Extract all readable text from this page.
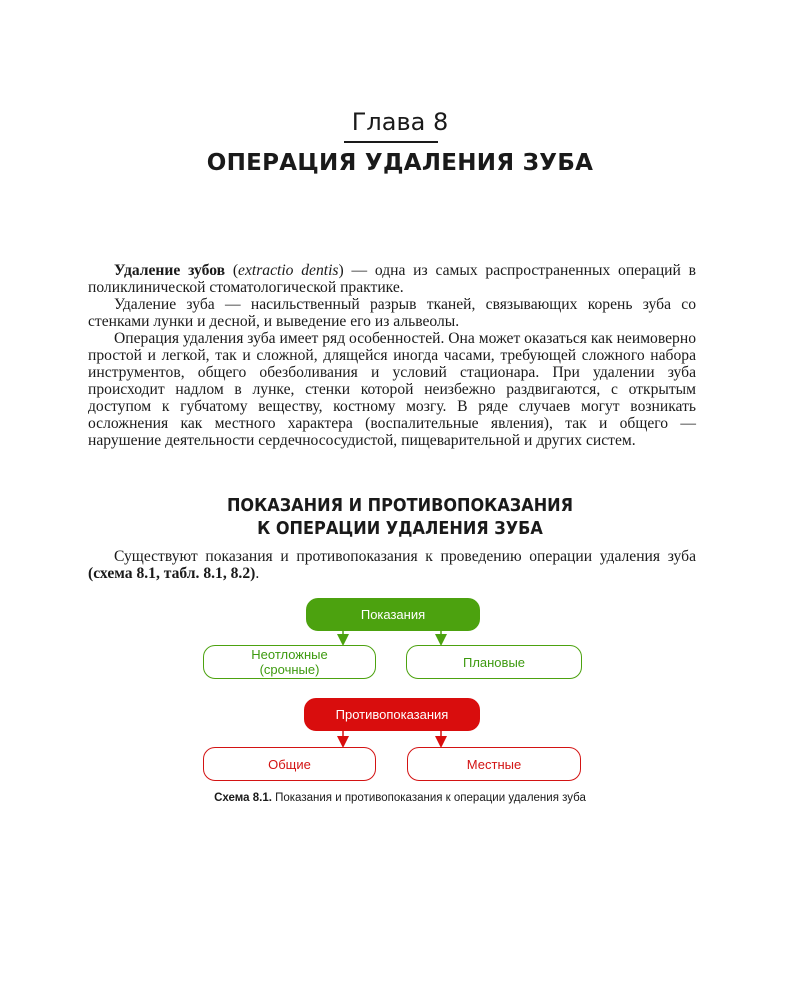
Глава 8
ОПЕРАЦИЯ УДАЛЕНИЯ ЗУБА

Удаление зубов (extractio dentis) — одна из самых распространенных операций в поликлинической стоматологической практике.

Удаление зуба — насильственный разрыв тканей, связывающих корень зуба со стенками лунки и десной, и выведение его из альвеолы.

Операция удаления зуба имеет ряд особенностей. Она может оказаться как неимоверно простой и легкой, так и сложной, длящейся иногда часами, требующей сложного набора инструментов, общего обезболивания и условий стационара. При удалении зуба происходит надлом в лунке, стенки которой неизбежно раздвигаются, с открытым доступом к губчатому веществу, костному мозгу. В ряде случаев могут возникать осложнения как местного характера (воспалительные явления), так и общего — нарушение деятельности сердечнососудистой, пищеварительной и других систем.

ПОКАЗАНИЯ И ПРОТИВОПОКАЗАНИЯ
К ОПЕРАЦИИ УДАЛЕНИЯ ЗУБА

Существуют показания и противопоказания к проведению операции удаления зуба (схема 8.1, табл. 8.1, 8.2).

Показания
Неотложные
(срочные)	Плановые
Противопоказания
Общие	Местные
Схема 8.1. Показания и противопоказания к операции удаления зуба
